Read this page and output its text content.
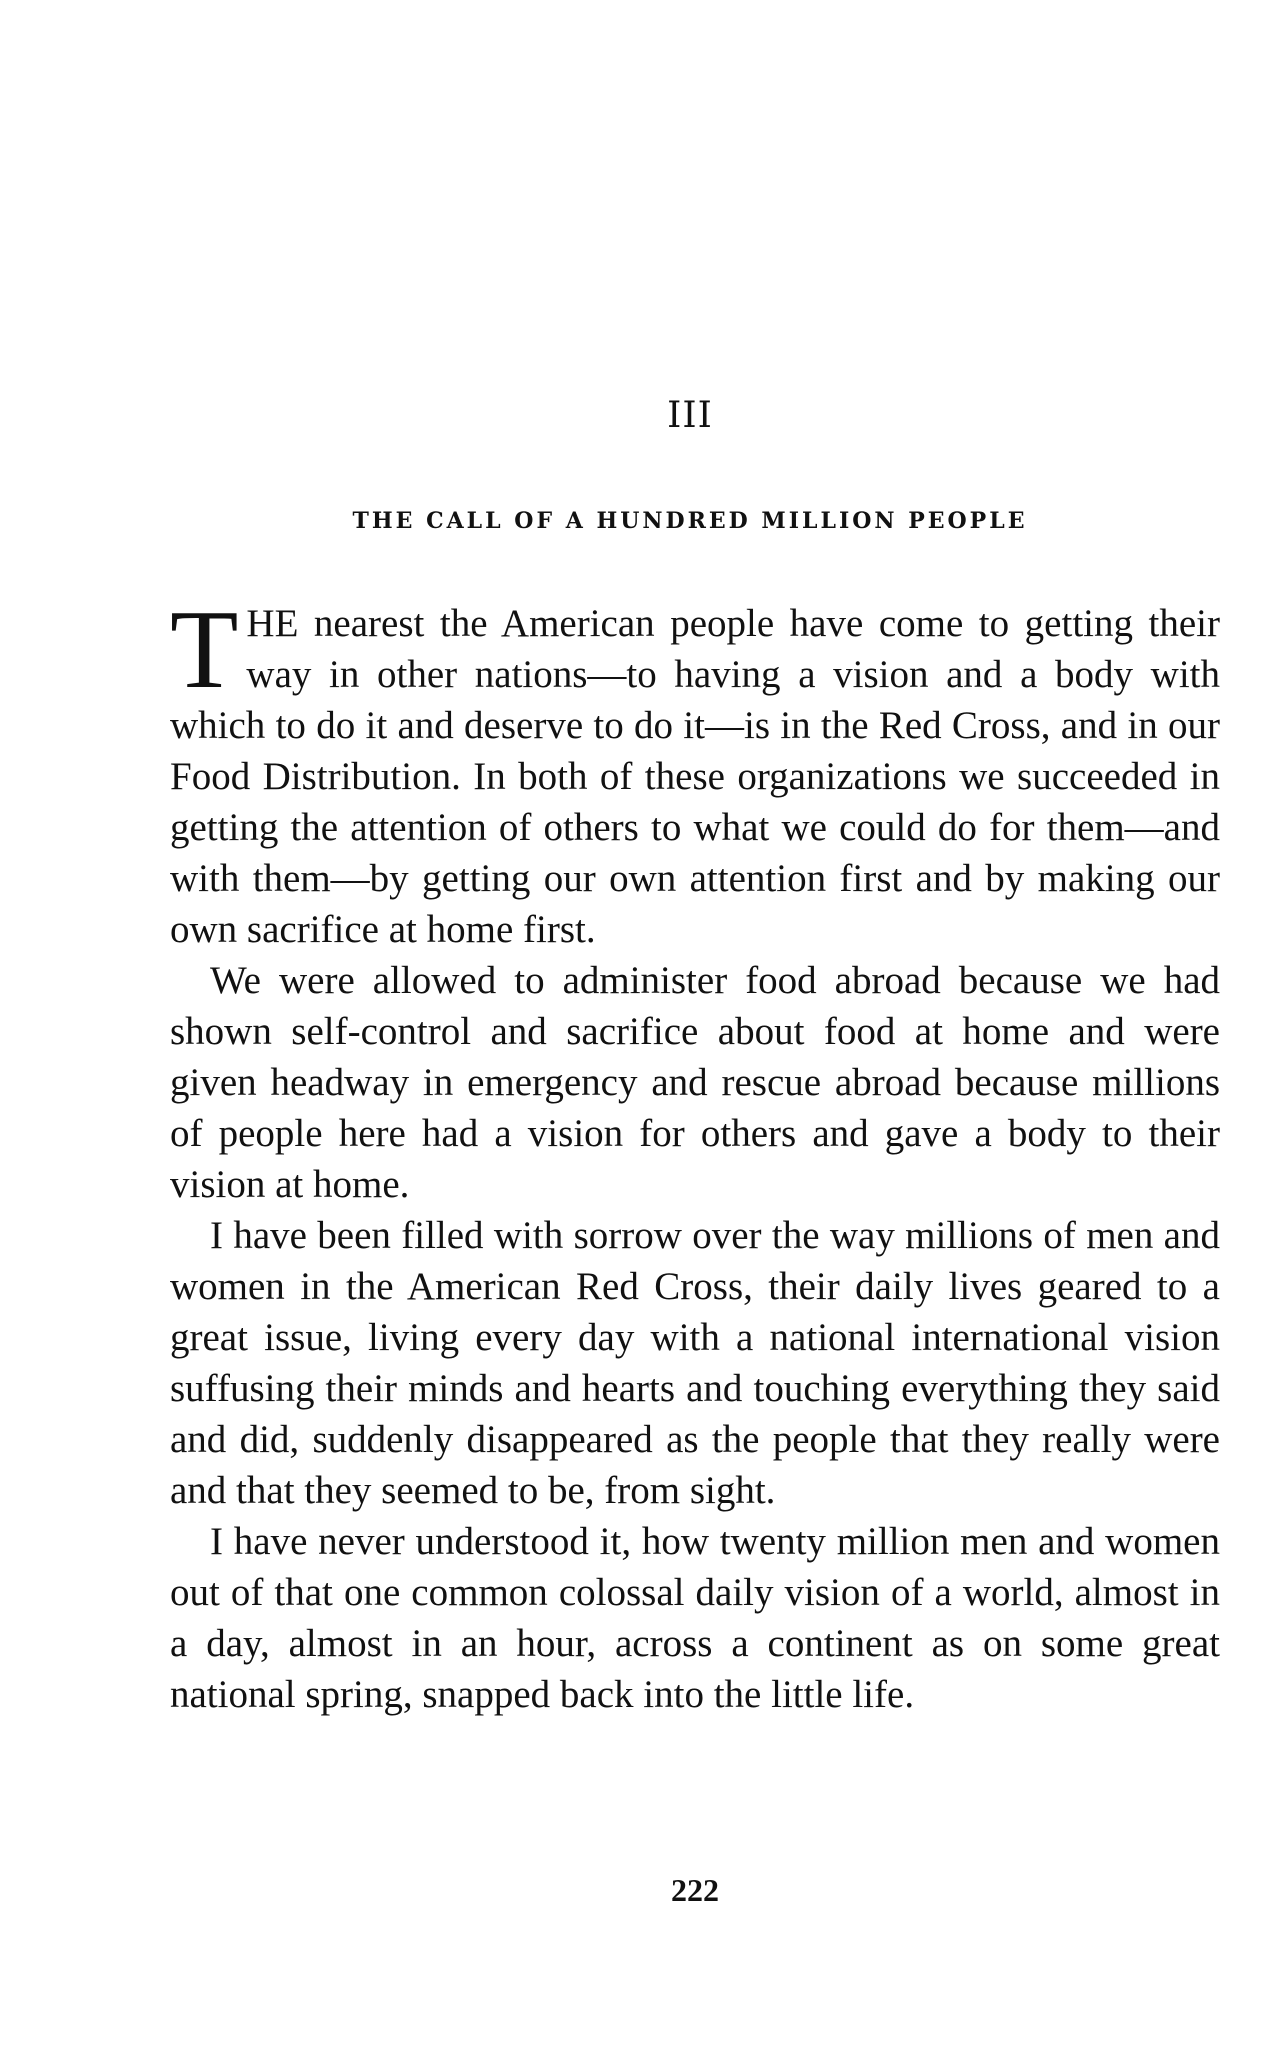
III
THE CALL OF A HUNDRED MILLION PEOPLE

THE nearest the American people have come to getting their way in other nations—to having a vision and a body with which to do it and deserve to do it—is in the Red Cross, and in our Food Distribution. In both of these organizations we succeeded in getting the attention of others to what we could do for them—and with them—by getting our own attention first and by making our own sacrifice at home first.

We were allowed to administer food abroad because we had shown self-control and sacrifice about food at home and were given headway in emergency and rescue abroad because millions of people here had a vision for others and gave a body to their vision at home.

I have been filled with sorrow over the way millions of men and women in the American Red Cross, their daily lives geared to a great issue, living every day with a national international vision suffusing their minds and hearts and touching everything they said and did, suddenly disappeared as the people that they really were and that they seemed to be, from sight.

I have never understood it, how twenty million men and women out of that one common colossal daily vision of a world, almost in a day, almost in an hour, across a continent as on some great national spring, snapped back into the little life.

222
